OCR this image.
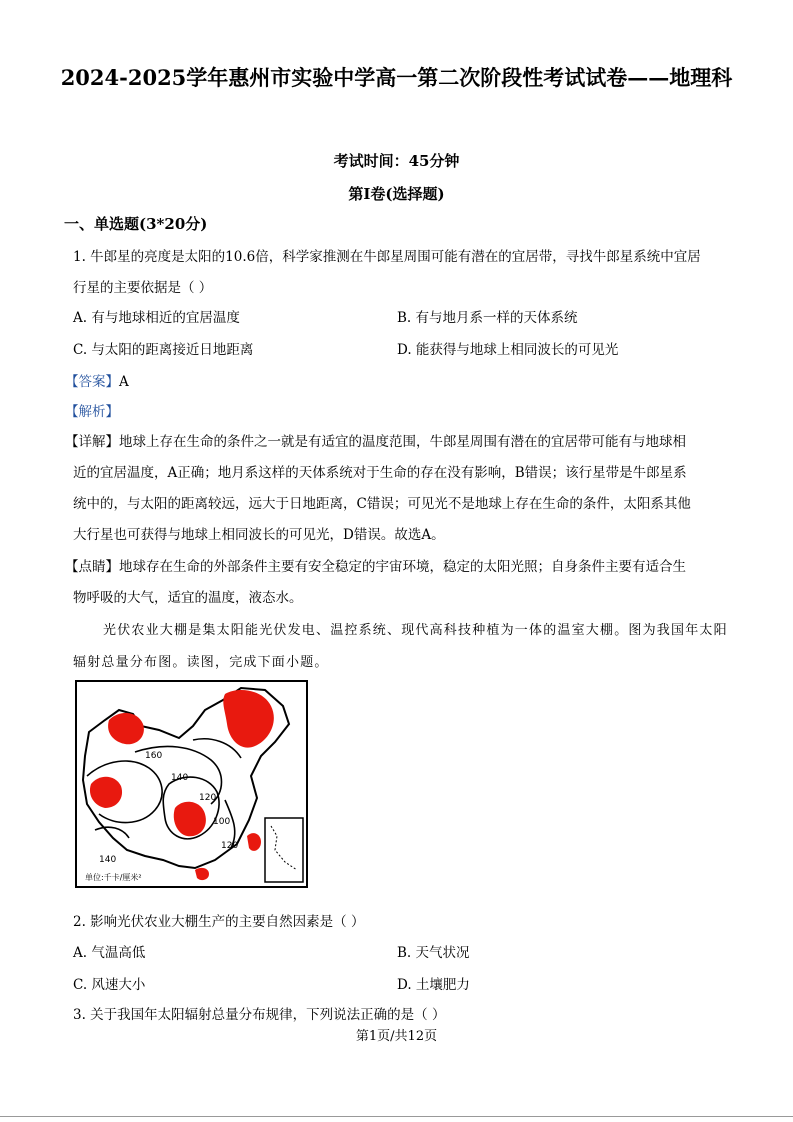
2024-2025学年惠州市实验中学高一第二次阶段性考试试卷——地理科
考试时间：45分钟
第Ⅰ卷(选择题)
一、单选题(3*20分)
1. 牛郎星的亮度是太阳的10.6倍，科学家推测在牛郎星周围可能有潜在的宜居带，寻找牛郎星系统中宜居
行星的主要依据是（ ）
A. 有与地球相近的宜居温度	B. 有与地月系一样的天体系统
C. 与太阳的距离接近日地距离	D. 能获得与地球上相同波长的可见光
【答案】A
【解析】
【详解】地球上存在生命的条件之一就是有适宜的温度范围，牛郎星周围有潜在的宜居带可能有与地球相
近的宜居温度，A正确；地月系这样的天体系统对于生命的存在没有影响，B错误；该行星带是牛郎星系
统中的，与太阳的距离较远，远大于日地距离，C错误；可见光不是地球上存在生命的条件，太阳系其他
大行星也可获得与地球上相同波长的可见光，D错误。故选A。
【点睛】地球存在生命的外部条件主要有安全稳定的宇宙环境，稳定的太阳光照；自身条件主要有适合生
物呼吸的大气，适宜的温度，液态水。
光伏农业大棚是集太阳能光伏发电、温控系统、现代高科技种植为一体的温室大棚。图为我国年太阳
辐射总量分布图。读图，完成下面小题。
160
140
120
100
120
140
单位:千卡/厘米²
2. 影响光伏农业大棚生产的主要自然因素是（ ）
A. 气温高低	B. 天气状况
C. 风速大小	D. 土壤肥力
3. 关于我国年太阳辐射总量分布规律，下列说法正确的是（ ）
第1页/共12页
